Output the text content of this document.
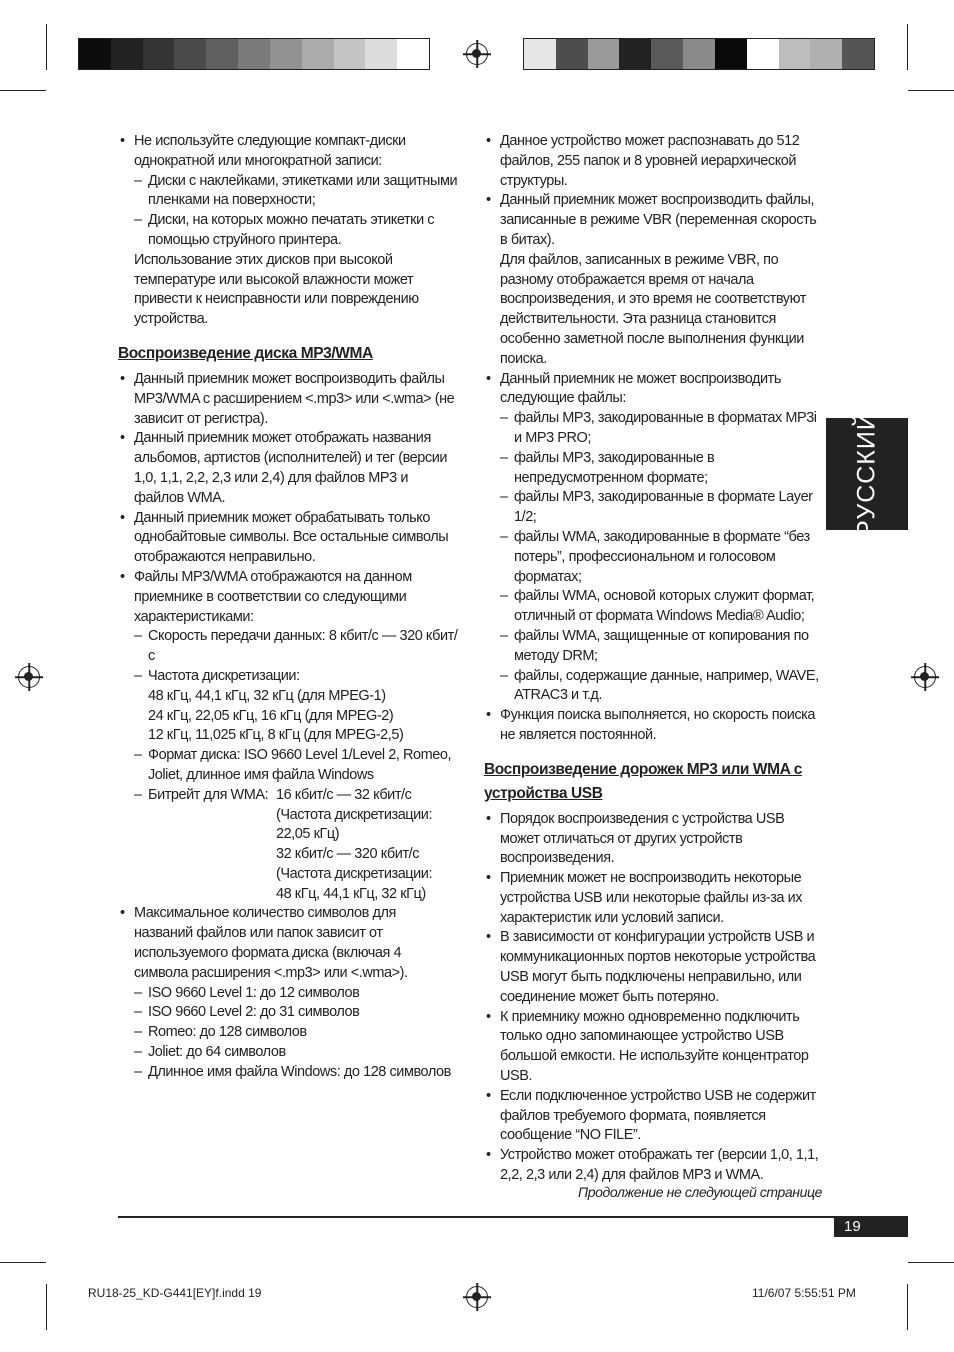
• Не используйте следующие компакт-диски однократной или многократной записи:

– Диски с наклейками, этикетками или защитными пленками на поверхности;

– Диски, на которых можно печатать этикетки с помощью струйного принтера.

Использование этих дисков при высокой температуре или высокой влажности может привести к неисправности или повреждению устройства.

Воспроизведение диска MP3/WMA

• Данный приемник может воспроизводить файлы MP3/WMA с расширением <.mp3> или <.wma> (не зависит от регистра).

• Данный приемник может отображать названия альбомов, артистов (исполнителей) и тег (версии 1,0, 1,1, 2,2, 2,3 или 2,4) для файлов MP3 и файлов WMA.

• Данный приемник может обрабатывать только однобайтовые символы. Все остальные символы отображаются неправильно.

• Файлы MP3/WMA отображаются на данном приемнике в соответствии со следующими характеристиками:

– Скорость передачи данных: 8 кбит/с — 320 кбит/с

– Частота дискретизации:

48 кГц, 44,1 кГц, 32 кГц (для MPEG-1)

24 кГц, 22,05 кГц, 16 кГц (для MPEG-2)

12 кГц, 11,025 кГц, 8 кГц (для MPEG-2,5)

– Формат диска: ISO 9660 Level 1/Level 2, Romeo, Joliet, длинное имя файла Windows

– Битрейт для WMA: 16 кбит/с — 32 кбит/с
(Частота дискретизации:
22,05 кГц)
32 кбит/с — 320 кбит/с
(Частота дискретизации:
48 кГц, 44,1 кГц, 32 кГц)

• Максимальное количество символов для названий файлов или папок зависит от используемого формата диска (включая 4 символа расширения <.mp3> или <.wma>).

– ISO 9660 Level 1: до 12 символов

– ISO 9660 Level 2: до 31 символов

– Romeo: до 128 символов

– Joliet: до 64 символов

– Длинное имя файла Windows: до 128 символов

• Данное устройство может распознавать до 512 файлов, 255 папок и 8 уровней иерархической структуры.

• Данный приемник может воспроизводить файлы, записанные в режиме VBR (переменная скорость в битах).

Для файлов, записанных в режиме VBR, по разному отображается время от начала воспроизведения, и это время не соответствуют действительности. Эта разница становится особенно заметной после выполнения функции поиска.

• Данный приемник не может воспроизводить следующие файлы:

– файлы MP3, закодированные в форматах MP3i и MP3 PRO;

– файлы MP3, закодированные в непредусмотренном формате;

– файлы MP3, закодированные в формате Layer 1/2;

– файлы WMA, закодированные в формате “без потерь”, профессиональном и голосовом форматах;

– файлы WMA, основой которых служит формат, отличный от формата Windows Media® Audio;

– файлы WMA, защищенные от копирования по методу DRM;

– файлы, содержащие данные, например, WAVE, ATRAC3 и т.д.

• Функция поиска выполняется, но скорость поиска не является постоянной.

Воспроизведение дорожек MP3 или WMA с устройства USB

• Порядок воспроизведения с устройства USB может отличаться от других устройств воспроизведения.

• Приемник может не воспроизводить некоторые устройства USB или некоторые файлы из-за их характеристик или условий записи.

• В зависимости от конфигурации устройств USB и коммуникационных портов некоторые устройства USB могут быть подключены неправильно, или соединение может быть потеряно.

• К приемнику можно одновременно подключить только одно запоминающее устройство USB большой емкости. Не используйте концентратор USB.

• Если подключенное устройство USB не содержит файлов требуемого формата, появляется сообщение “NO FILE”.

• Устройство может отображать тег (версии 1,0, 1,1, 2,2, 2,3 или 2,4) для файлов MP3 и WMA.

РУССКИЙ
Продолжение не следующей странице
19
RU18-25_KD-G441[EY]f.indd 19	11/6/07 5:55:51 PM
